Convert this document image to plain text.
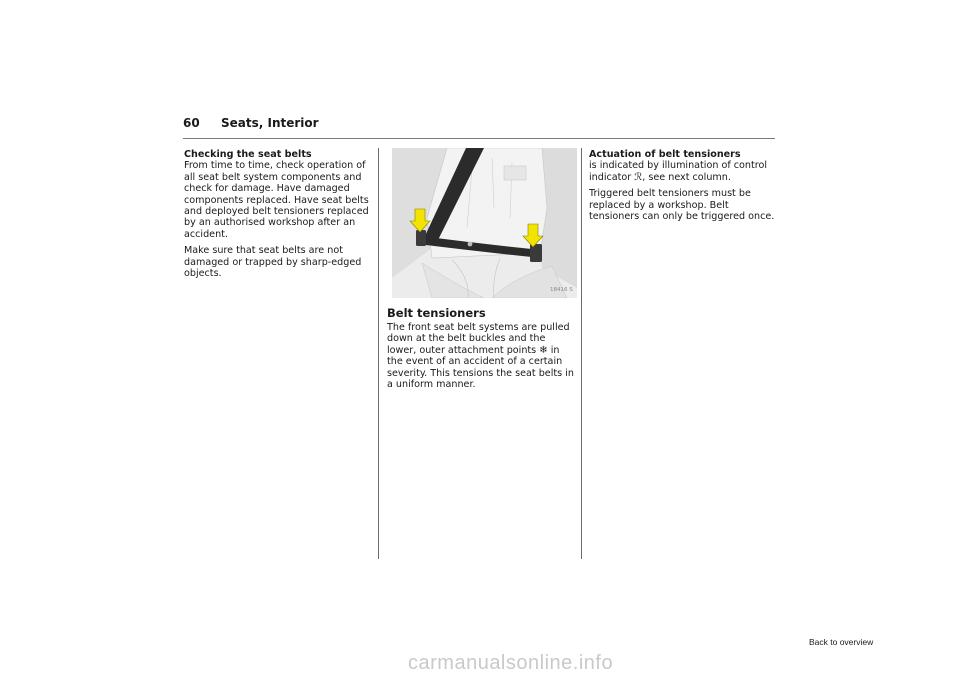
60 Seats, Interior

Checking the seat belts
From time to time, check operation of all seat belt system components and check for damage. Have damaged components replaced. Have seat belts and deployed belt tensioners replaced by an authorised workshop after an accident.

Make sure that seat belts are not damaged or trapped by sharp-edged objects.

18416 S
Belt tensioners

The front seat belt systems are pulled down at the belt buckles and the lower, outer attachment points ❄ in the event of an accident of a certain severity. This tensions the seat belts in a uniform manner.

Actuation of belt tensioners
is indicated by illumination of control indicator ℛ, see next column.

Triggered belt tensioners must be replaced by a workshop. Belt tensioners can only be triggered once.

Back to overview
carmanualsonline.info
